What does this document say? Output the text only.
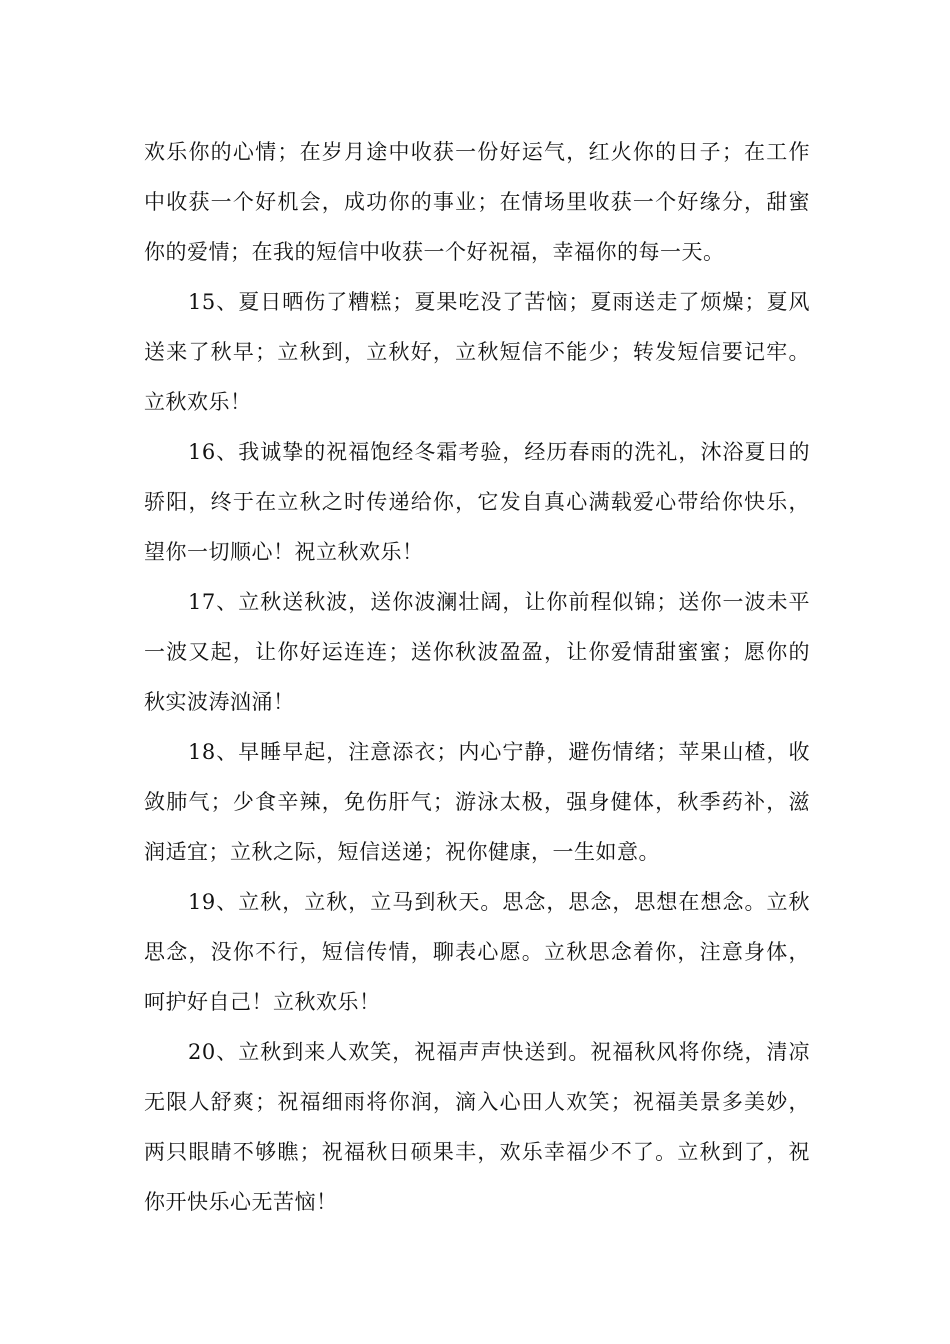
欢乐你的心情；在岁月途中收获一份好运气，红火你的日子；在工作中收获一个好机会，成功你的事业；在情场里收获一个好缘分，甜蜜你的爱情；在我的短信中收获一个好祝福，幸福你的每一天。

15、夏日晒伤了糟糕；夏果吃没了苦恼；夏雨送走了烦燥；夏风送来了秋早；立秋到，立秋好，立秋短信不能少；转发短信要记牢。立秋欢乐！

16、我诚挚的祝福饱经冬霜考验，经历春雨的洗礼，沐浴夏日的骄阳，终于在立秋之时传递给你，它发自真心满载爱心带给你快乐，望你一切顺心！祝立秋欢乐！

17、立秋送秋波，送你波澜壮阔，让你前程似锦；送你一波未平一波又起，让你好运连连；送你秋波盈盈，让你爱情甜蜜蜜；愿你的秋实波涛汹涌！

18、早睡早起，注意添衣；内心宁静，避伤情绪；苹果山楂，收敛肺气；少食辛辣，免伤肝气；游泳太极，强身健体，秋季药补，滋润适宜；立秋之际，短信送递；祝你健康，一生如意。

19、立秋，立秋，立马到秋天。思念，思念，思想在想念。立秋思念，没你不行，短信传情，聊表心愿。立秋思念着你，注意身体，呵护好自己！立秋欢乐！

20、立秋到来人欢笑，祝福声声快送到。祝福秋风将你绕，清凉无限人舒爽；祝福细雨将你润，滴入心田人欢笑；祝福美景多美妙，两只眼睛不够瞧；祝福秋日硕果丰，欢乐幸福少不了。立秋到了，祝你开快乐心无苦恼！
